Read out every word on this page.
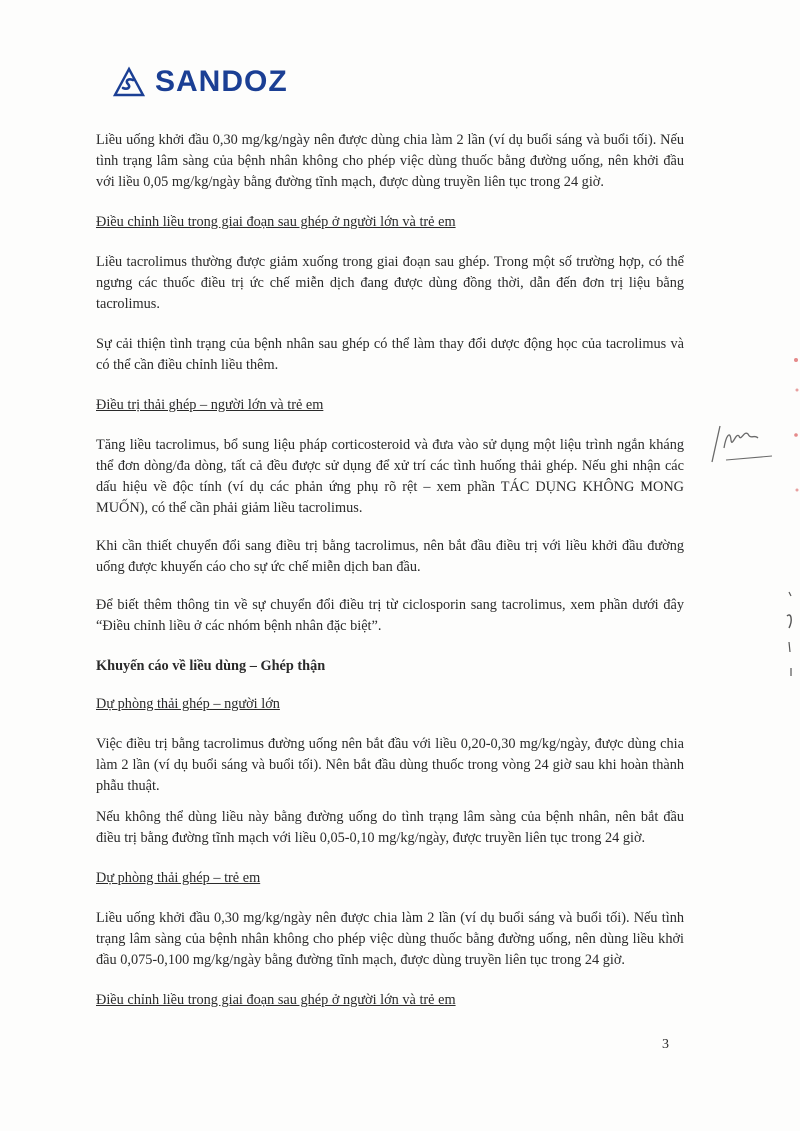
SANDOZ

Liều uống khởi đầu 0,30 mg/kg/ngày nên được dùng chia làm 2 lần (ví dụ buổi sáng và buổi tối). Nếu tình trạng lâm sàng của bệnh nhân không cho phép việc dùng thuốc bằng đường uống, nên khởi đầu với liều 0,05 mg/kg/ngày bằng đường tĩnh mạch, được dùng truyền liên tục trong 24 giờ.

Điều chỉnh liều trong giai đoạn sau ghép ở người lớn và trẻ em

Liều tacrolimus thường được giảm xuống trong giai đoạn sau ghép. Trong một số trường hợp, có thể ngưng các thuốc điều trị ức chế miễn dịch đang được dùng đồng thời, dẫn đến đơn trị liệu bằng tacrolimus.

Sự cải thiện tình trạng của bệnh nhân sau ghép có thể làm thay đổi dược động học của tacrolimus và có thể cần điều chỉnh liều thêm.

Điều trị thải ghép – người lớn và trẻ em

Tăng liều tacrolimus, bổ sung liệu pháp corticosteroid và đưa vào sử dụng một liệu trình ngắn kháng thể đơn dòng/đa dòng, tất cả đều được sử dụng để xử trí các tình huống thải ghép. Nếu ghi nhận các dấu hiệu về độc tính (ví dụ các phản ứng phụ rõ rệt – xem phần TÁC DỤNG KHÔNG MONG MUỐN), có thể cần phải giảm liều tacrolimus.

Khi cần thiết chuyển đổi sang điều trị bằng tacrolimus, nên bắt đầu điều trị với liều khởi đầu đường uống được khuyến cáo cho sự ức chế miễn dịch ban đầu.

Để biết thêm thông tin về sự chuyển đổi điều trị từ ciclosporin sang tacrolimus, xem phần dưới đây “Điều chỉnh liều ở các nhóm bệnh nhân đặc biệt”.

Khuyến cáo về liều dùng – Ghép thận

Dự phòng thải ghép – người lớn

Việc điều trị bằng tacrolimus đường uống nên bắt đầu với liều 0,20-0,30 mg/kg/ngày, được dùng chia làm 2 lần (ví dụ buổi sáng và buổi tối). Nên bắt đầu dùng thuốc trong vòng 24 giờ sau khi hoàn thành phẫu thuật.

Nếu không thể dùng liều này bằng đường uống do tình trạng lâm sàng của bệnh nhân, nên bắt đầu điều trị bằng đường tĩnh mạch với liều 0,05-0,10 mg/kg/ngày, được truyền liên tục trong 24 giờ.

Dự phòng thải ghép – trẻ em

Liều uống khởi đầu 0,30 mg/kg/ngày nên được chia làm 2 lần (ví dụ buổi sáng và buổi tối). Nếu tình trạng lâm sàng của bệnh nhân không cho phép việc dùng thuốc bằng đường uống, nên dùng liều khởi đầu 0,075-0,100 mg/kg/ngày bằng đường tĩnh mạch, được dùng truyền liên tục trong 24 giờ.

Điều chỉnh liều trong giai đoạn sau ghép ở người lớn và trẻ em

3
